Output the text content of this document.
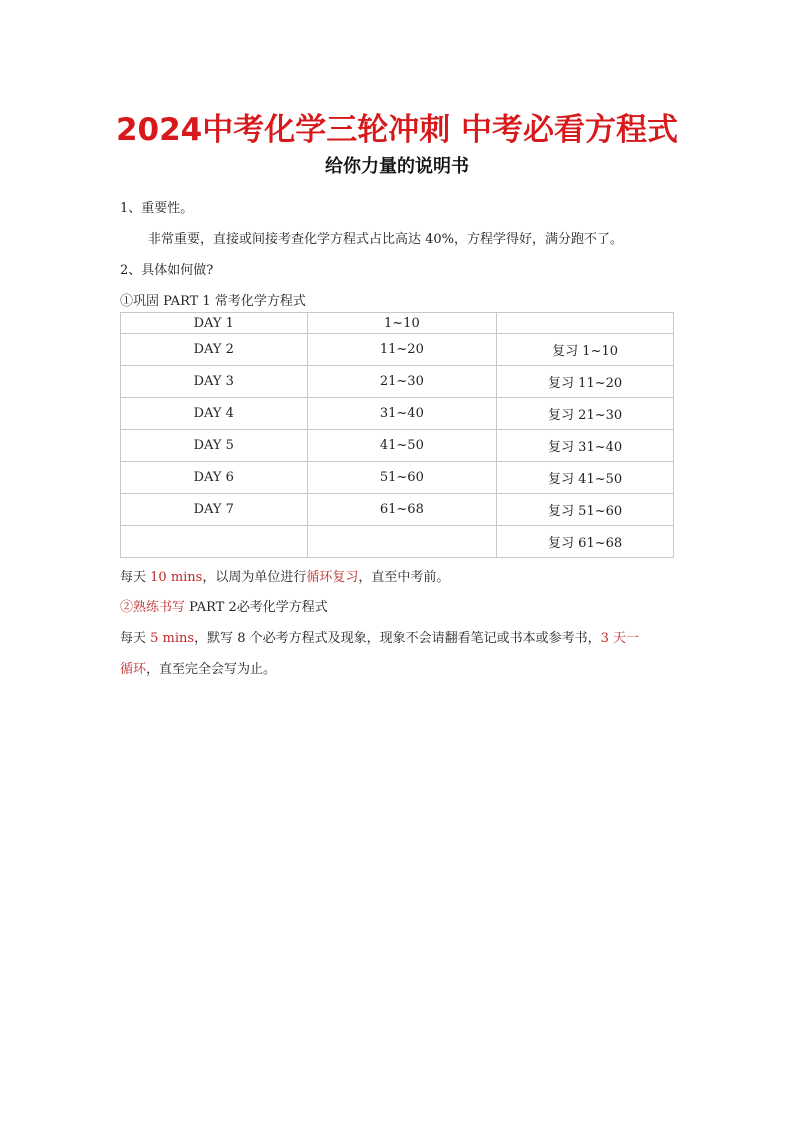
2024中考化学三轮冲刺 中考必看方程式
给你力量的说明书
1、重要性。
非常重要，直接或间接考查化学方程式占比高达 40%，方程学得好，满分跑不了。
2、具体如何做?
①巩固 PART 1 常考化学方程式
DAY 1	1~10	
DAY 2	11~20	复习 1~10
DAY 3	21~30	复习 11~20
DAY 4	31~40	复习 21~30
DAY 5	41~50	复习 31~40
DAY 6	51~60	复习 41~50
DAY 7	61~68	复习 51~60
		复习 61~68
每天 10 mins，以周为单位进行循环复习，直至中考前。
②熟练书写 PART 2必考化学方程式
每天 5 mins，默写 8 个必考方程式及现象，现象不会请翻看笔记或书本或参考书，3 天一
循环，直至完全会写为止。
